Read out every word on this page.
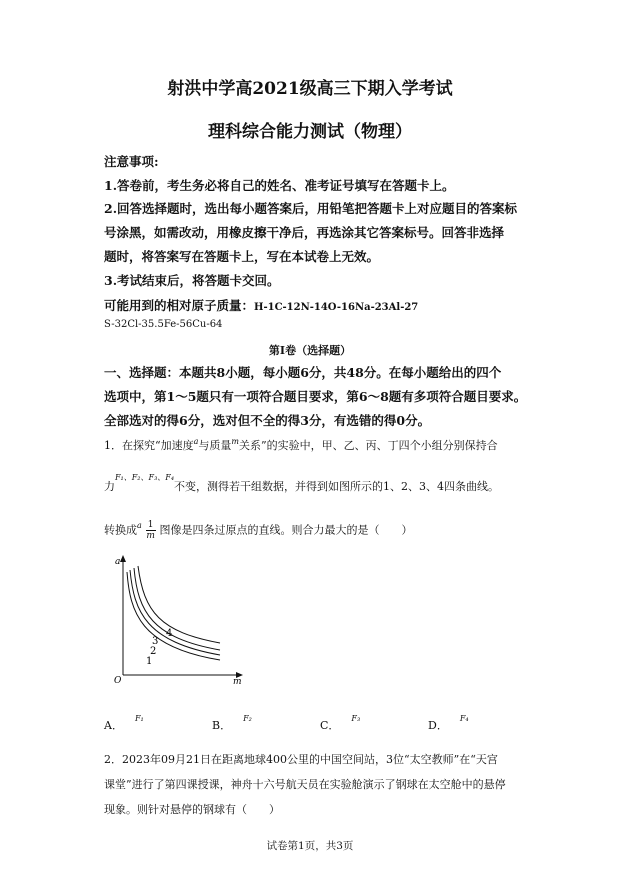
射洪中学高2021级高三下期入学考试
理科综合能力测试（物理）
注意事项:
1.答卷前，考生务必将自己的姓名、准考证号填写在答题卡上。
2.回答选择题时，选出每小题答案后，用铅笔把答题卡上对应题目的答案标
号涂黑，如需改动，用橡皮擦干净后，再选涂其它答案标号。回答非选择
题时，将答案写在答题卡上，写在本试卷上无效。
3.考试结束后，将答题卡交回。
可能用到的相对原子质量：H-1C-12N-14O-16Na-23Al-27
S-32Cl-35.5Fe-56Cu-64
第I卷（选择题）
一、选择题：本题共8小题，每小题6分，共48分。在每小题给出的四个
选项中，第1～5题只有一项符合题目要求，第6～8题有多项符合题目要求。
全部选对的得6分，选对但不全的得3分，有选错的得0分。
1．在探究“加速度$^a$与质量$^m$关系”的实验中，甲、乙、丙、丁四个小组分别保持合
力$^{F_1、F_2、F_3、F_4}$不变，测得若干组数据，并得到如图所示的1、2、3、4四条曲线。
转换成$^a \frac{1}{m}$ 图像是四条过原点的直线。则合力最大的是（　　）
a
m
O
1
2
3
4
A．$^{F_1}$
B．$^{F_2}$
C．$^{F_3}$
D．$^{F_4}$
2．2023年09月21日在距离地球400公里的中国空间站，3位“太空教师”在“天宫
课堂”进行了第四课授课，神舟十六号航天员在实验舱演示了钢球在太空舱中的悬停
现象。则针对悬停的钢球有（　　）
试卷第1页，共3页
